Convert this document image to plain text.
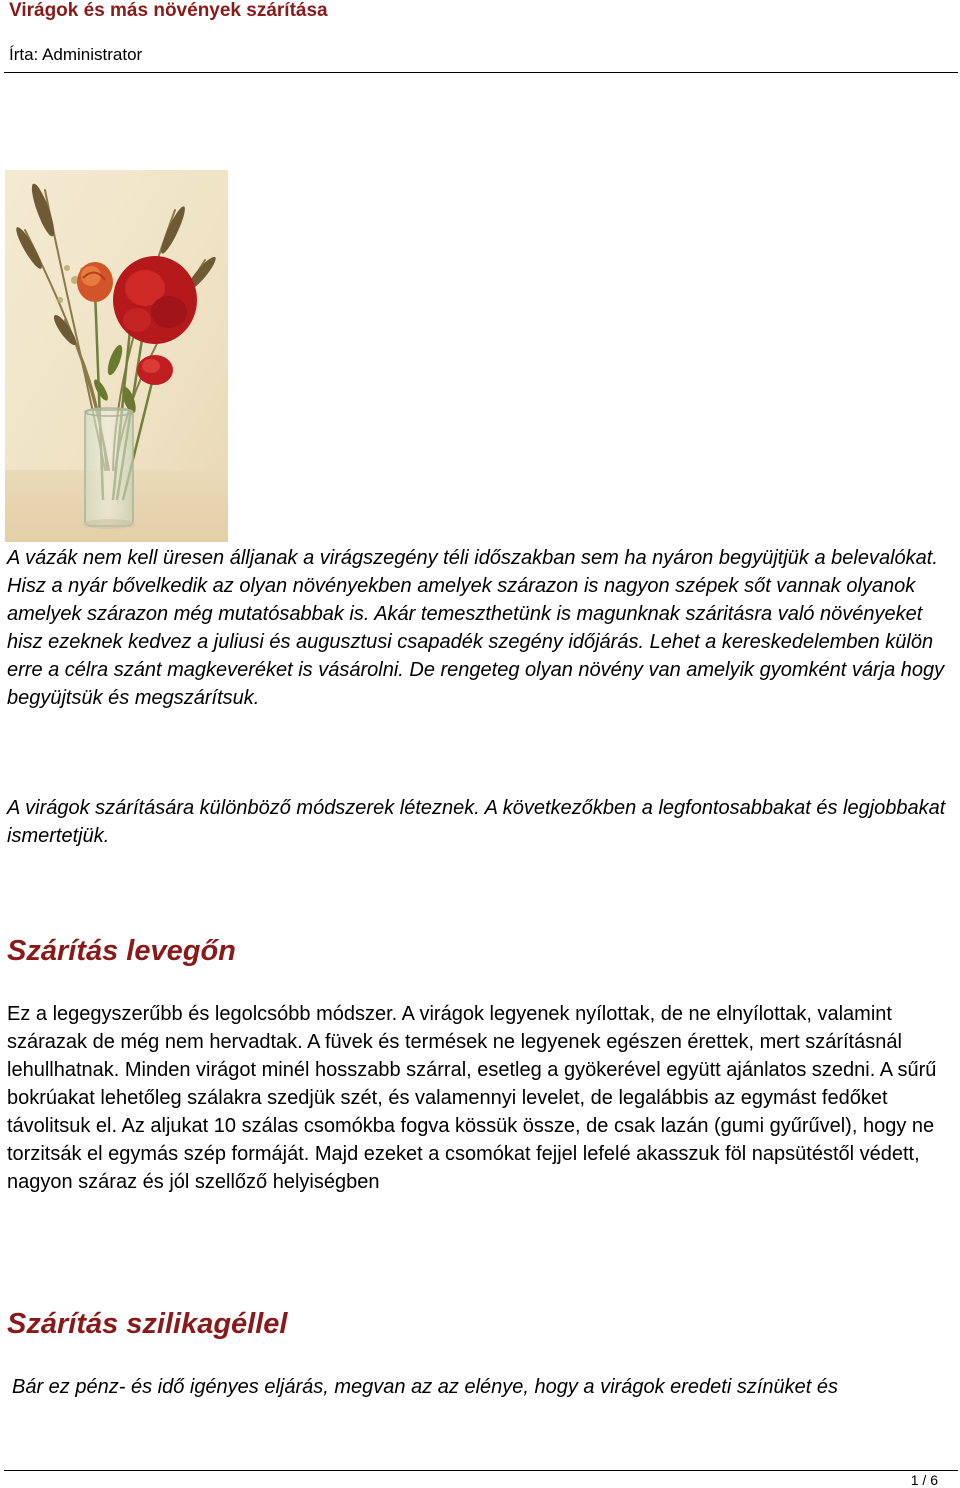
Virágok és más növények szárítása
Írta: Administrator

A vázák nem kell üresen álljanak a virágszegény téli időszakban sem ha nyáron begyüjtjük a belevalókat. Hisz a nyár bővelkedik az olyan növényekben amelyek szárazon is nagyon szépek sőt vannak olyanok amelyek szárazon még mutatósabbak is. Akár temeszthetünk is magunknak száritásra való növényeket hisz ezeknek kedvez a juliusi és augusztusi csapadék szegény időjárás. Lehet a kereskedelemben külön erre a célra szánt magkeveréket is vásárolni. De rengeteg olyan növény van amelyik gyomként várja hogy begyüjtsük és megszárítsuk.

A virágok szárítására különböző módszerek léteznek. A következőkben a legfontosabbakat és legjobbakat ismertetjük.

Szárítás levegőn

Ez a legegyszerűbb és legolcsóbb módszer. A virágok legyenek nyílottak, de ne elnyílottak, valamint szárazak de még nem hervadtak. A füvek és termések ne legyenek egészen érettek, mert szárításnál lehullhatnak. Minden virágot minél hosszabb szárral, esetleg a gyökerével együtt ajánlatos szedni. A sűrű bokrúakat lehetőleg szálakra szedjük szét, és valamennyi levelet, de legalábbis az egymást fedőket távolitsuk el. Az aljukat 10 szálas csomókba fogva kössük össze, de csak lazán (gumi gyűrűvel), hogy ne torzitsák el egymás szép formáját. Majd ezeket a csomókat fejjel lefelé akasszuk föl napsütéstől védett, nagyon száraz és jól szellőző helyiségben

Szárítás szilikagéllel

Bár ez pénz- és idő igényes eljárás, megvan az az elénye, hogy a virágok eredeti színüket és

1 / 6
